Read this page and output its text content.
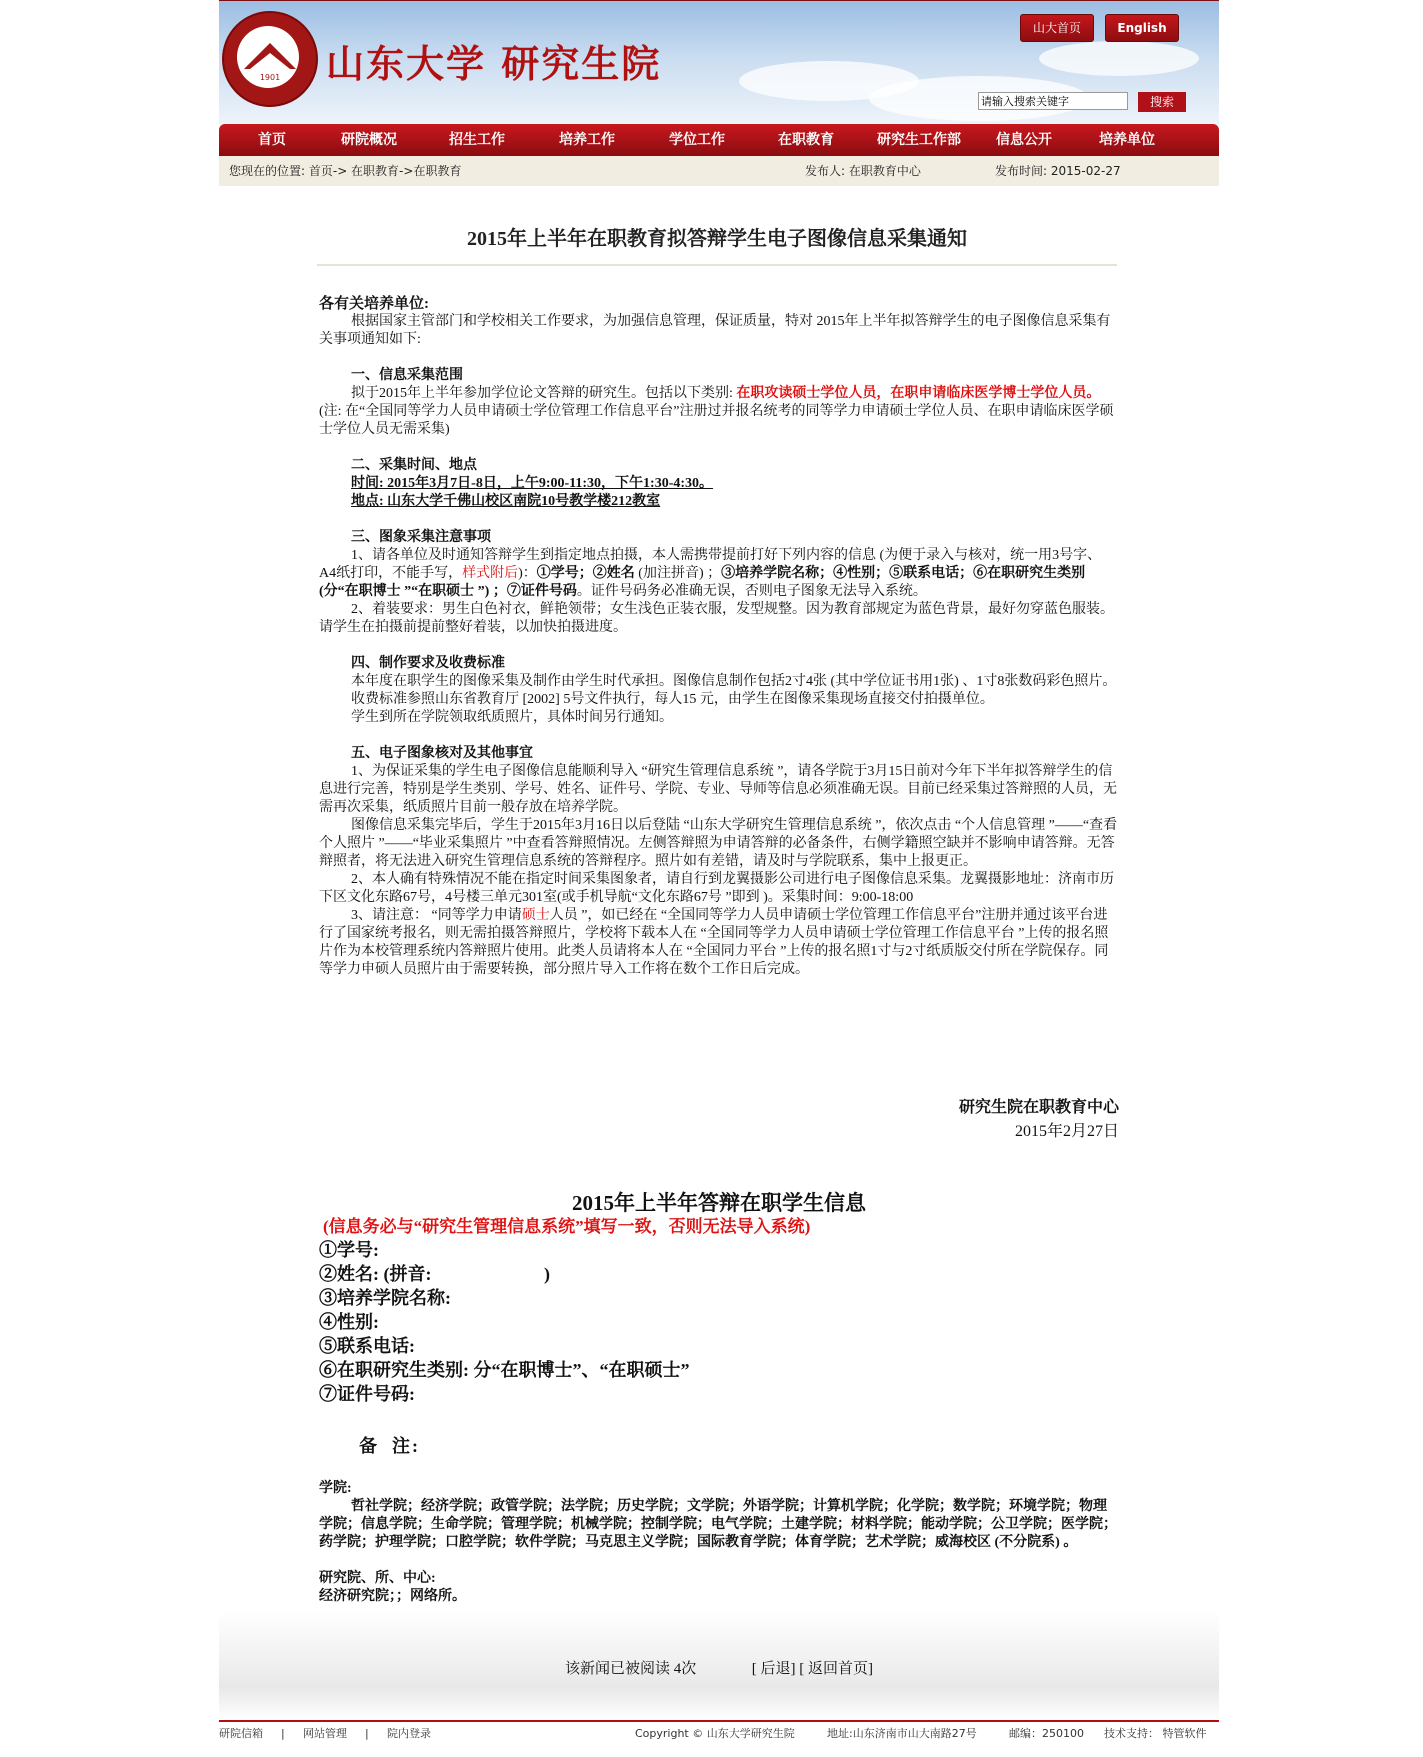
1901	山东大学 研究生院
山大首页	English
请输入搜索关键字
搜索
首页	研院概况	招生工作	培养工作	学位工作	在职教育	研究生工作部	信息公开	培养单位
您现在的位置: 首页-> 在职教育->在职教育	发布人: 在职教育中心	发布时间: 2015-02-27
2015年上半年在职教育拟答辩学生电子图像信息采集通知

各有关培养单位:

根据国家主管部门和学校相关工作要求，为加强信息管理，保证质量，特对 2015年上半年拟答辩学生的电子图像信息采集有关事项通知如下:

一、信息采集范围

拟于2015年上半年参加学位论文答辩的研究生。包括以下类别: 在职攻读硕士学位人员，在职申请临床医学博士学位人员。 (注: 在“全国同等学力人员申请硕士学位管理工作信息平台”注册过并报名统考的同等学力申请硕士学位人员、在职申请临床医学硕士学位人员无需采集)

二、采集时间、地点

时间: 2015年3月7日-8日，上午9:00-11:30，下午1:30-4:30。

地点: 山东大学千佛山校区南院10号教学楼212教室

三、图象采集注意事项

1、请各单位及时通知答辩学生到指定地点拍摄，本人需携带提前打好下列内容的信息 (为便于录入与核对，统一用3号字、 A4纸打印，不能手写，样式附后)：①学号；②姓名 (加注拼音) ；③培养学院名称；④性别；⑤联系电话；⑥在职研究生类别 (分“在职博士 ”“在职硕士 ”) ；⑦证件号码。证件号码务必准确无误，否则电子图象无法导入系统。

2、着装要求：男生白色衬衣，鲜艳领带；女生浅色正装衣服，发型规整。因为教育部规定为蓝色背景，最好勿穿蓝色服装。请学生在拍摄前提前整好着装，以加快拍摄进度。

四、制作要求及收费标准

本年度在职学生的图像采集及制作由学生时代承担。图像信息制作包括2寸4张 (其中学位证书用1张) 、1寸8张数码彩色照片。

收费标准参照山东省教育厅 [2002] 5号文件执行，每人15 元，由学生在图像采集现场直接交付拍摄单位。

学生到所在学院领取纸质照片，具体时间另行通知。

五、电子图象核对及其他事宜

1、为保证采集的学生电子图像信息能顺利导入 “研究生管理信息系统 ”，请各学院于3月15日前对今年下半年拟答辩学生的信息进行完善，特别是学生类别、学号、姓名、证件号、学院、专业、导师等信息必须准确无误。目前已经采集过答辩照的人员，无需再次采集，纸质照片目前一般存放在培养学院。

图像信息采集完毕后，学生于2015年3月16日以后登陆 “山东大学研究生管理信息系统 ”，依次点击 “个人信息管理 ”——“查看个人照片 ”——“毕业采集照片 ”中查看答辩照情况。左侧答辩照为申请答辩的必备条件，右侧学籍照空缺并不影响申请答辩。无答辩照者，将无法进入研究生管理信息系统的答辩程序。照片如有差错，请及时与学院联系，集中上报更正。

2、本人确有特殊情况不能在指定时间采集图象者，请自行到龙翼摄影公司进行电子图像信息采集。龙翼摄影地址：济南市历下区文化东路67号，4号楼三单元301室(或手机导航“文化东路67号 ”即到 )。采集时间：9:00-18:00

3、请注意： “同等学力申请硕士人员 ”，如已经在 “全国同等学力人员申请硕士学位管理工作信息平台”注册并通过该平台进行了国家统考报名，则无需拍摄答辩照片，学校将下载本人在 “全国同等学力人员申请硕士学位管理工作信息平台 ”上传的报名照片作为本校管理系统内答辩照片使用。此类人员请将本人在 “全国同力平台 ”上传的报名照1寸与2寸纸质版交付所在学院保存。同等学力申硕人员照片由于需要转换，部分照片导入工作将在数个工作日后完成。

研究生院在职教育中心
2015年2月27日
2015年上半年答辩在职学生信息
(信息务必与“研究生管理信息系统”填写一致，否则无法导入系统)
①学号:
②姓名: (拼音:                         )
③培养学院名称:
④性别:
⑤联系电话:
⑥在职研究生类别: 分“在职博士”、“在职硕士”
⑦证件号码:
备  注:

学院:

哲社学院；经济学院；政管学院；法学院；历史学院；文学院；外语学院；计算机学院；化学院；数学院；环境学院；物理学院；信息学院；生命学院；管理学院；机械学院；控制学院；电气学院；土建学院；材料学院；能动学院；公卫学院；医学院；药学院；护理学院；口腔学院；软件学院；马克思主义学院；国际教育学院；体育学院；艺术学院；威海校区 (不分院系) 。

研究院、所、中心:

经济研究院；；网络所。

该新闻已被阅读 4次	[ 后退] [ 返回首页]
研院信箱 | 网站管理 | 院内登录	Copyright © 山东大学研究生院	地址:山东济南市山大南路27号	邮编：250100 技术支持： 特管软件
